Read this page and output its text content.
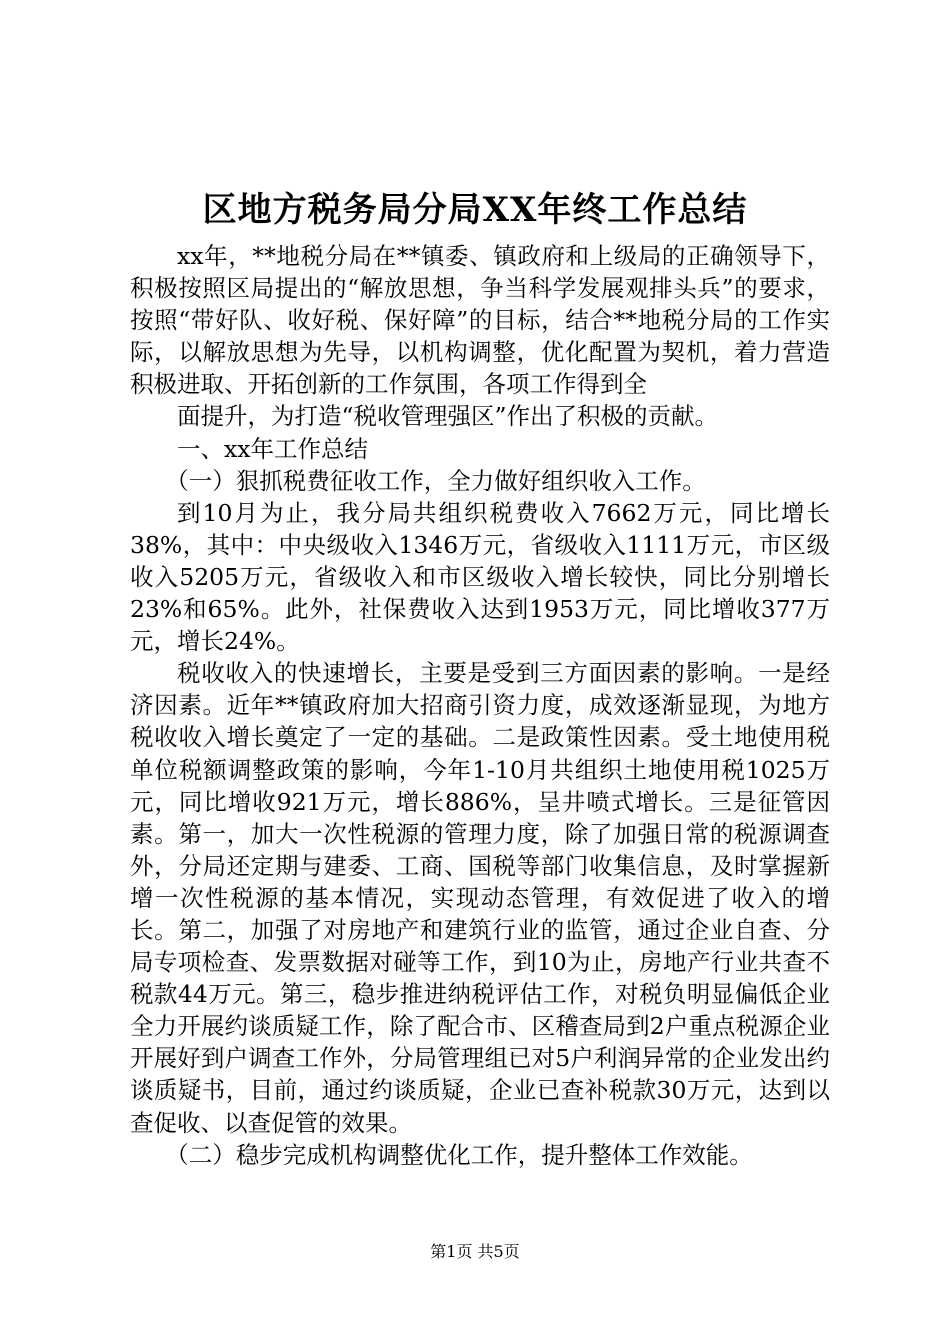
区地方税务局分局XX年终工作总结

xx年，**地税分局在**镇委、镇政府和上级局的正确领导下，积极按照区局提出的“解放思想，争当科学发展观排头兵”的要求，按照“带好队、收好税、保好障”的目标，结合**地税分局的工作实际，以解放思想为先导，以机构调整，优化配置为契机，着力营造积极进取、开拓创新的工作氛围，各项工作得到全

面提升，为打造“税收管理强区”作出了积极的贡献。

一、xx年工作总结

（一）狠抓税费征收工作，全力做好组织收入工作。

到10月为止，我分局共组织税费收入7662万元，同比增长38%，其中：中央级收入1346万元，省级收入1111万元，市区级收入5205万元，省级收入和市区级收入增长较快，同比分别增长23%和65%。此外，社保费收入达到1953万元，同比增收377万元，增长24%。

税收收入的快速增长，主要是受到三方面因素的影响。一是经济因素。近年**镇政府加大招商引资力度，成效逐渐显现，为地方税收收入增长奠定了一定的基础。二是政策性因素。受土地使用税单位税额调整政策的影响，今年1-10月共组织土地使用税1025万元，同比增收921万元，增长886%，呈井喷式增长。三是征管因素。第一，加大一次性税源的管理力度，除了加强日常的税源调查外，分局还定期与建委、工商、国税等部门收集信息，及时掌握新增一次性税源的基本情况，实现动态管理，有效促进了收入的增长。第二，加强了对房地产和建筑行业的监管，通过企业自查、分局专项检查、发票数据对碰等工作，到10为止，房地产行业共查不税款44万元。第三，稳步推进纳税评估工作，对税负明显偏低企业全力开展约谈质疑工作，除了配合市、区稽查局到2户重点税源企业开展好到户调查工作外，分局管理组已对5户利润异常的企业发出约谈质疑书，目前，通过约谈质疑，企业已查补税款30万元，达到以查促收、以查促管的效果。

（二）稳步完成机构调整优化工作，提升整体工作效能。

第1页 共5页
